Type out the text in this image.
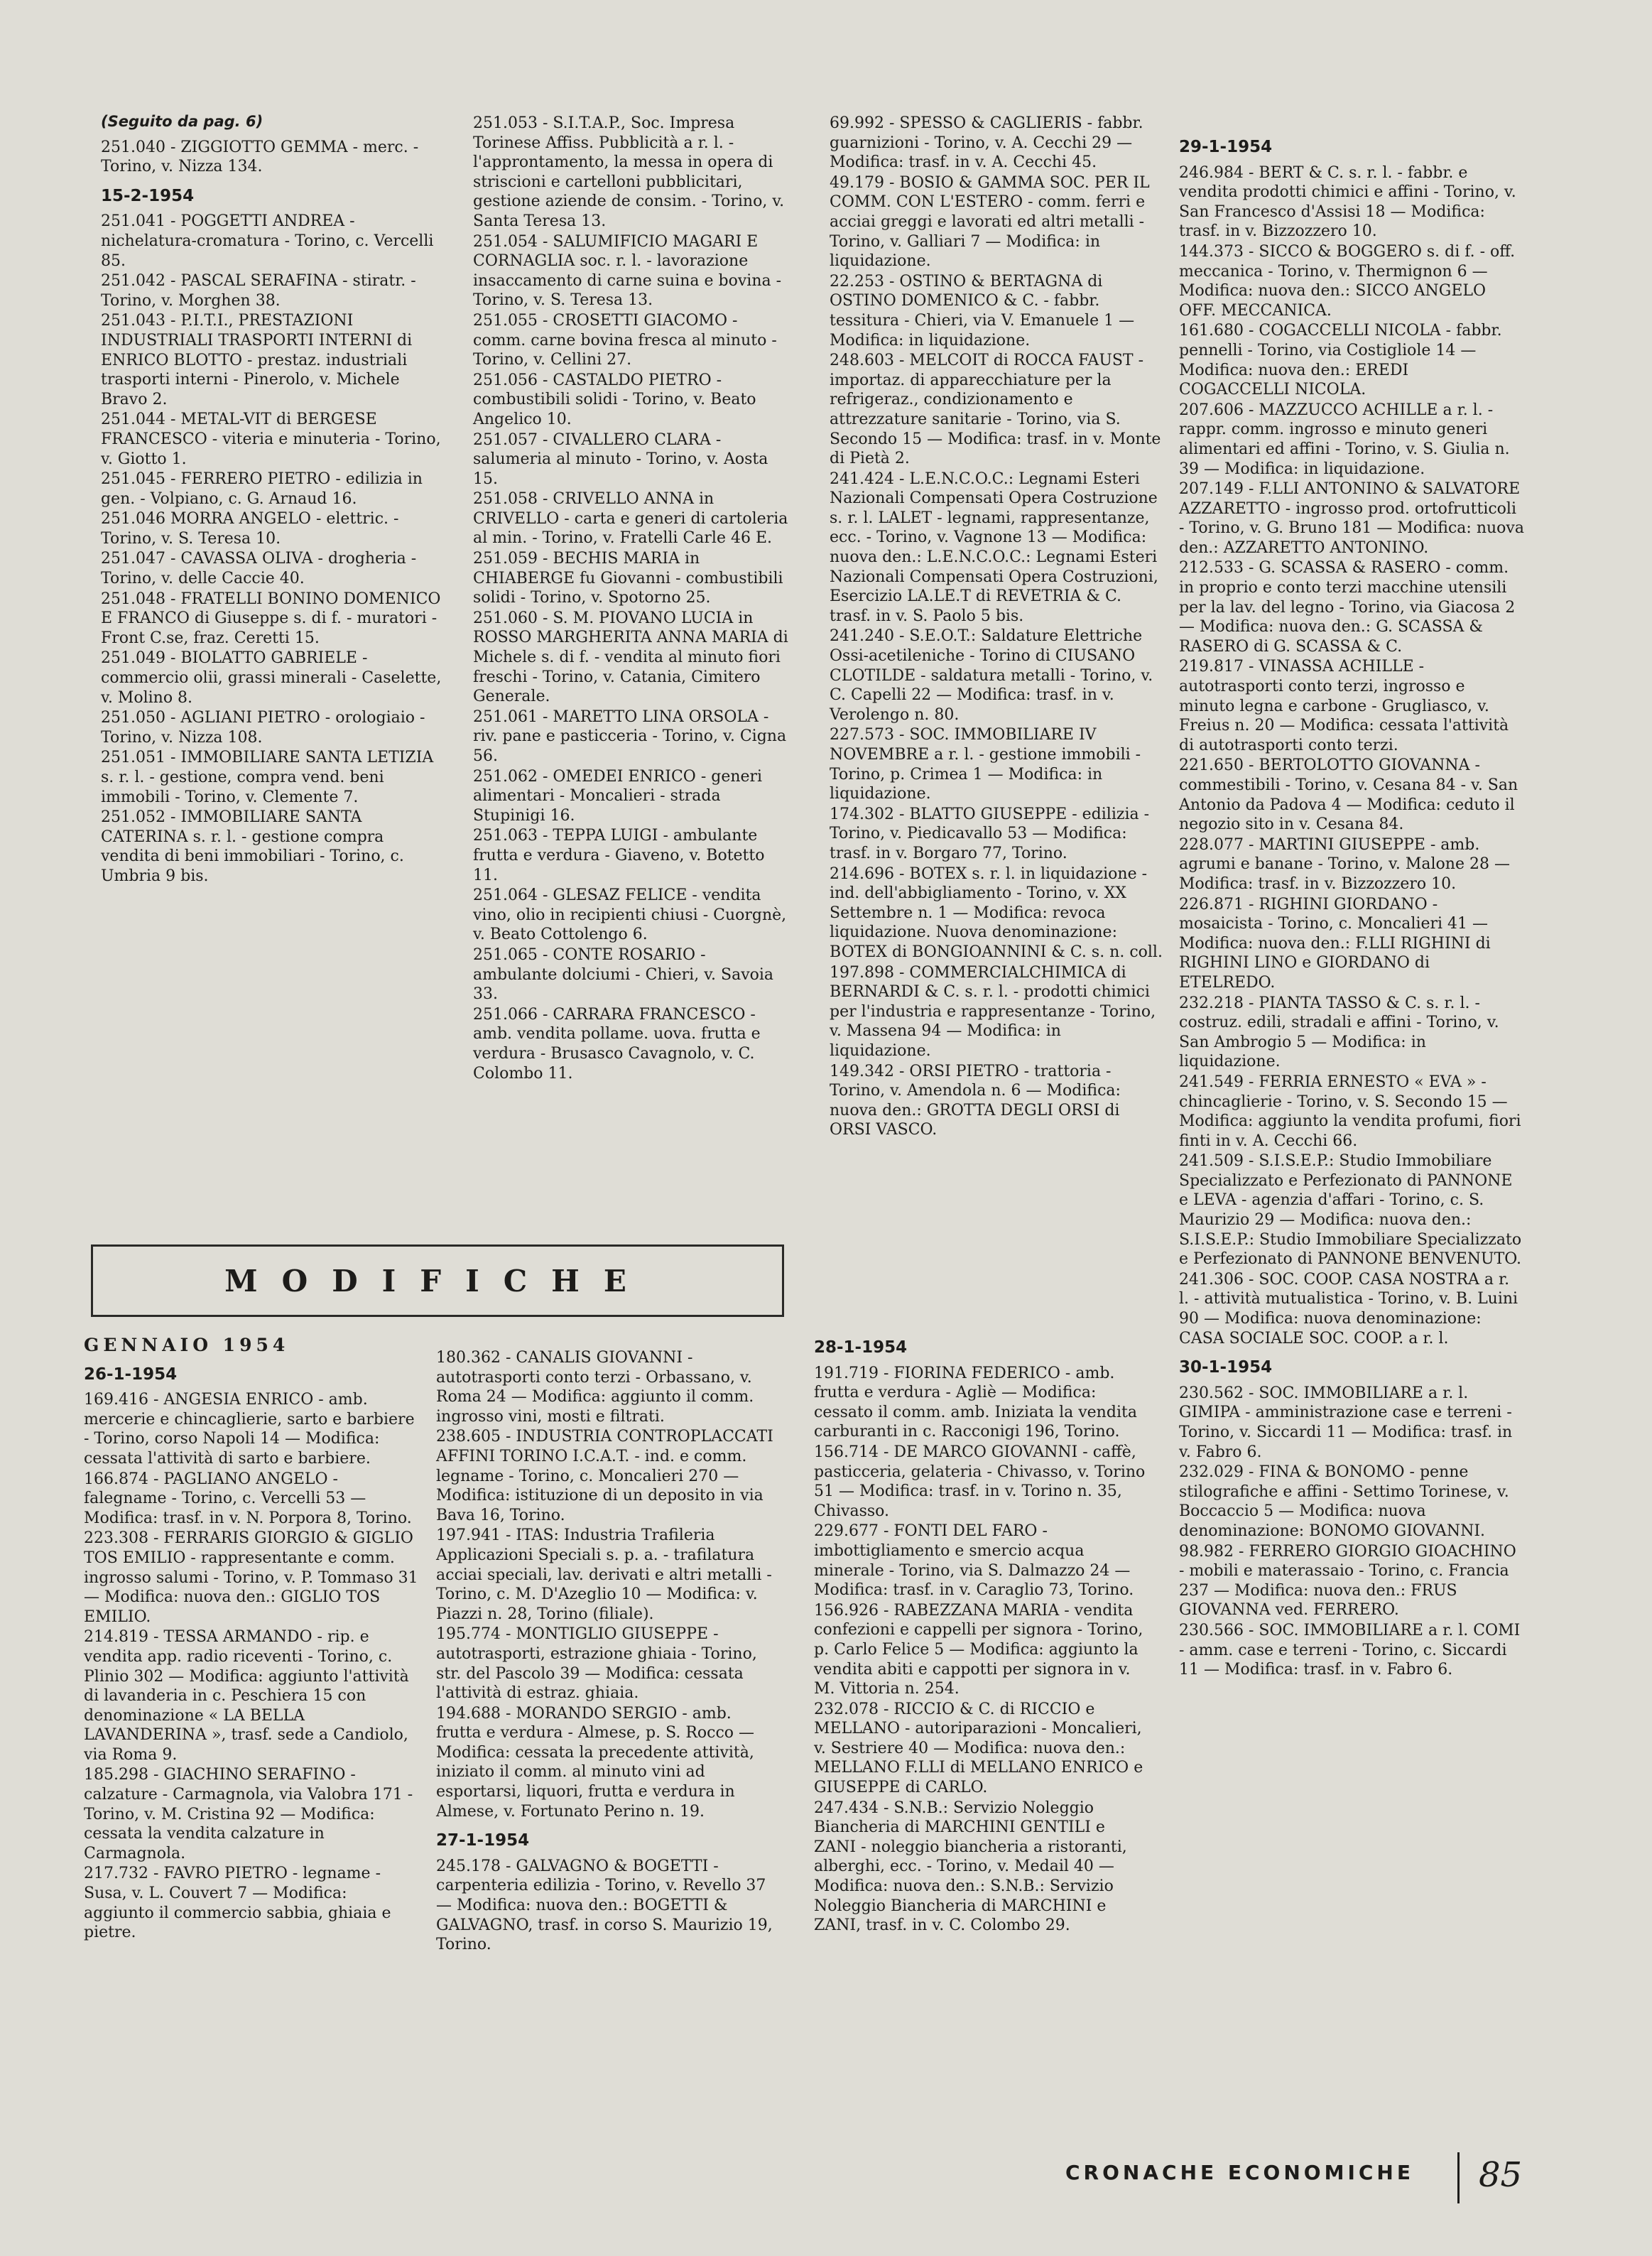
(Seguito da pag. 6)

251.040 - ZIGGIOTTO GEMMA - merc. - Torino, v. Nizza 134.

15-2-1954

251.041 - POGGETTI ANDREA - nichelatura-cromatura - Torino, c. Vercelli 85.

251.042 - PASCAL SERAFINA - stiratr. - Torino, v. Morghen 38.

251.043 - P.I.T.I., PRESTAZIONI INDUSTRIALI TRASPORTI INTERNI di ENRICO BLOTTO - prestaz. industriali trasporti interni - Pinerolo, v. Michele Bravo 2.

251.044 - METAL-VIT di BERGESE FRANCESCO - viteria e minuteria - Torino, v. Giotto 1.

251.045 - FERRERO PIETRO - edilizia in gen. - Volpiano, c. G. Arnaud 16.

251.046 MORRA ANGELO - elettric. - Torino, v. S. Teresa 10.

251.047 - CAVASSA OLIVA - drogheria - Torino, v. delle Caccie 40.

251.048 - FRATELLI BONINO DOMENICO E FRANCO di Giuseppe s. di f. - muratori - Front C.se, fraz. Ceretti 15.

251.049 - BIOLATTO GABRIELE - commercio olii, grassi minerali - Caselette, v. Molino 8.

251.050 - AGLIANI PIETRO - orologiaio - Torino, v. Nizza 108.

251.051 - IMMOBILIARE SANTA LETIZIA s. r. l. - gestione, compra vend. beni immobili - Torino, v. Clemente 7.

251.052 - IMMOBILIARE SANTA CATERINA s. r. l. - gestione compra vendita di beni immobiliari - Torino, c. Umbria 9 bis.

251.053 - S.I.T.A.P., Soc. Impresa Torinese Affiss. Pubblicità a r. l. - l'approntamento, la messa in opera di striscioni e cartelloni pubblicitari, gestione aziende de consim. - Torino, v. Santa Teresa 13.

251.054 - SALUMIFICIO MAGARI E CORNAGLIA soc. r. l. - lavorazione insaccamento di carne suina e bovina - Torino, v. S. Teresa 13.

251.055 - CROSETTI GIACOMO - comm. carne bovina fresca al minuto - Torino, v. Cellini 27.

251.056 - CASTALDO PIETRO - combustibili solidi - Torino, v. Beato Angelico 10.

251.057 - CIVALLERO CLARA - salumeria al minuto - Torino, v. Aosta 15.

251.058 - CRIVELLO ANNA in CRIVELLO - carta e generi di cartoleria al min. - Torino, v. Fratelli Carle 46 E.

251.059 - BECHIS MARIA in CHIABERGE fu Giovanni - combustibili solidi - Torino, v. Spotorno 25.

251.060 - S. M. PIOVANO LUCIA in ROSSO MARGHERITA ANNA MARIA di Michele s. di f. - vendita al minuto fiori freschi - Torino, v. Catania, Cimitero Generale.

251.061 - MARETTO LINA ORSOLA - riv. pane e pasticceria - Torino, v. Cigna 56.

251.062 - OMEDEI ENRICO - generi alimentari - Moncalieri - strada Stupinigi 16.

251.063 - TEPPA LUIGI - ambulante frutta e verdura - Giaveno, v. Botetto 11.

251.064 - GLESAZ FELICE - vendita vino, olio in recipienti chiusi - Cuorgnè, v. Beato Cottolengo 6.

251.065 - CONTE ROSARIO - ambulante dolciumi - Chieri, v. Savoia 33.

251.066 - CARRARA FRANCESCO - amb. vendita pollame. uova. frutta e verdura - Brusasco Cavagnolo, v. C. Colombo 11.

69.992 - SPESSO & CAGLIERIS - fabbr. guarnizioni - Torino, v. A. Cecchi 29 — Modifica: trasf. in v. A. Cecchi 45.

49.179 - BOSIO & GAMMA SOC. PER IL COMM. CON L'ESTERO - comm. ferri e acciai greggi e lavorati ed altri metalli - Torino, v. Galliari 7 — Modifica: in liquidazione.

22.253 - OSTINO & BERTAGNA di OSTINO DOMENICO & C. - fabbr. tessitura - Chieri, via V. Emanuele 1 — Modifica: in liquidazione.

248.603 - MELCOIT di ROCCA FAUST - importaz. di apparecchiature per la refrigeraz., condizionamento e attrezzature sanitarie - Torino, via S. Secondo 15 — Modifica: trasf. in v. Monte di Pietà 2.

241.424 - L.E.N.C.O.C.: Legnami Esteri Nazionali Compensati Opera Costruzione s. r. l. LALET - legnami, rappresentanze, ecc. - Torino, v. Vagnone 13 — Modifica: nuova den.: L.E.N.C.O.C.: Legnami Esteri Nazionali Compensati Opera Costruzioni, Esercizio LA.LE.T di REVETRIA & C. trasf. in v. S. Paolo 5 bis.

241.240 - S.E.O.T.: Saldature Elettriche Ossi-acetileniche - Torino di CIUSANO CLOTILDE - saldatura metalli - Torino, v. C. Capelli 22 — Modifica: trasf. in v. Verolengo n. 80.

227.573 - SOC. IMMOBILIARE IV NOVEMBRE a r. l. - gestione immobili - Torino, p. Crimea 1 — Modifica: in liquidazione.

174.302 - BLATTO GIUSEPPE - edilizia - Torino, v. Piedicavallo 53 — Modifica: trasf. in v. Borgaro 77, Torino.

214.696 - BOTEX s. r. l. in liquidazione - ind. dell'abbigliamento - Torino, v. XX Settembre n. 1 — Modifica: revoca liquidazione. Nuova denominazione: BOTEX di BONGIOANNINI & C. s. n. coll.

197.898 - COMMERCIALCHIMICA di BERNARDI & C. s. r. l. - prodotti chimici per l'industria e rappresentanze - Torino, v. Massena 94 — Modifica: in liquidazione.

149.342 - ORSI PIETRO - trattoria - Torino, v. Amendola n. 6 — Modifica: nuova den.: GROTTA DEGLI ORSI di ORSI VASCO.

29-1-1954

246.984 - BERT & C. s. r. l. - fabbr. e vendita prodotti chimici e affini - Torino, v. San Francesco d'Assisi 18 — Modifica: trasf. in v. Bizzozzero 10.

144.373 - SICCO & BOGGERO s. di f. - off. meccanica - Torino, v. Thermignon 6 — Modifica: nuova den.: SICCO ANGELO OFF. MECCANICA.

161.680 - COGACCELLI NICOLA - fabbr. pennelli - Torino, via Costigliole 14 — Modifica: nuova den.: EREDI COGACCELLI NICOLA.

207.606 - MAZZUCCO ACHILLE a r. l. - rappr. comm. ingrosso e minuto generi alimentari ed affini - Torino, v. S. Giulia n. 39 — Modifica: in liquidazione.

207.149 - F.LLI ANTONINO & SALVATORE AZZARETTO - ingrosso prod. ortofrutticoli - Torino, v. G. Bruno 181 — Modifica: nuova den.: AZZARETTO ANTONINO.

212.533 - G. SCASSA & RASERO - comm. in proprio e conto terzi macchine utensili per la lav. del legno - Torino, via Giacosa 2 — Modifica: nuova den.: G. SCASSA & RASERO di G. SCASSA & C.

219.817 - VINASSA ACHILLE - autotrasporti conto terzi, ingrosso e minuto legna e carbone - Grugliasco, v. Freius n. 20 — Modifica: cessata l'attività di autotrasporti conto terzi.

221.650 - BERTOLOTTO GIOVANNA - commestibili - Torino, v. Cesana 84 - v. San Antonio da Padova 4 — Modifica: ceduto il negozio sito in v. Cesana 84.

228.077 - MARTINI GIUSEPPE - amb. agrumi e banane - Torino, v. Malone 28 — Modifica: trasf. in v. Bizzozzero 10.

226.871 - RIGHINI GIORDANO - mosaicista - Torino, c. Moncalieri 41 — Modifica: nuova den.: F.LLI RIGHINI di RIGHINI LINO e GIORDANO di ETELREDO.

232.218 - PIANTA TASSO & C. s. r. l. - costruz. edili, stradali e affini - Torino, v. San Ambrogio 5 — Modifica: in liquidazione.

241.549 - FERRIA ERNESTO « EVA » - chincaglierie - Torino, v. S. Secondo 15 — Modifica: aggiunto la vendita profumi, fiori finti in v. A. Cecchi 66.

241.509 - S.I.S.E.P.: Studio Immobiliare Specializzato e Perfezionato di PANNONE e LEVA - agenzia d'affari - Torino, c. S. Maurizio 29 — Modifica: nuova den.: S.I.S.E.P.: Studio Immobiliare Specializzato e Perfezionato di PANNONE BENVENUTO.

241.306 - SOC. COOP. CASA NOSTRA a r. l. - attività mutualistica - Torino, v. B. Luini 90 — Modifica: nuova denominazione: CASA SOCIALE SOC. COOP. a r. l.

30-1-1954

230.562 - SOC. IMMOBILIARE a r. l. GIMIPA - amministrazione case e terreni - Torino, v. Siccardi 11 — Modifica: trasf. in v. Fabro 6.

232.029 - FINA & BONOMO - penne stilografiche e affini - Settimo Torinese, v. Boccaccio 5 — Modifica: nuova denominazione: BONOMO GIOVANNI.

98.982 - FERRERO GIORGIO GIOACHINO - mobili e materassaio - Torino, c. Francia 237 — Modifica: nuova den.: FRUS GIOVANNA ved. FERRERO.

230.566 - SOC. IMMOBILIARE a r. l. COMI - amm. case e terreni - Torino, c. Siccardi 11 — Modifica: trasf. in v. Fabro 6.

MODIFICHE

GENNAIO 1954

26-1-1954

169.416 - ANGESIA ENRICO - amb. mercerie e chincaglierie, sarto e barbiere - Torino, corso Napoli 14 — Modifica: cessata l'attività di sarto e barbiere.

166.874 - PAGLIANO ANGELO - falegname - Torino, c. Vercelli 53 — Modifica: trasf. in v. N. Porpora 8, Torino.

223.308 - FERRARIS GIORGIO & GIGLIO TOS EMILIO - rappresentante e comm. ingrosso salumi - Torino, v. P. Tommaso 31 — Modifica: nuova den.: GIGLIO TOS EMILIO.

214.819 - TESSA ARMANDO - rip. e vendita app. radio riceventi - Torino, c. Plinio 302 — Modifica: aggiunto l'attività di lavanderia in c. Peschiera 15 con denominazione « LA BELLA LAVANDERINA », trasf. sede a Candiolo, via Roma 9.

185.298 - GIACHINO SERAFINO - calzature - Carmagnola, via Valobra 171 - Torino, v. M. Cristina 92 — Modifica: cessata la vendita calzature in Carmagnola.

217.732 - FAVRO PIETRO - legname - Susa, v. L. Couvert 7 — Modifica: aggiunto il commercio sabbia, ghiaia e pietre.

180.362 - CANALIS GIOVANNI - autotrasporti conto terzi - Orbassano, v. Roma 24 — Modifica: aggiunto il comm. ingrosso vini, mosti e filtrati.

238.605 - INDUSTRIA CONTROPLACCATI AFFINI TORINO I.C.A.T. - ind. e comm. legname - Torino, c. Moncalieri 270 — Modifica: istituzione di un deposito in via Bava 16, Torino.

197.941 - ITAS: Industria Trafileria Applicazioni Speciali s. p. a. - trafilatura acciai speciali, lav. derivati e altri metalli - Torino, c. M. D'Azeglio 10 — Modifica: v. Piazzi n. 28, Torino (filiale).

195.774 - MONTIGLIO GIUSEPPE - autotrasporti, estrazione ghiaia - Torino, str. del Pascolo 39 — Modifica: cessata l'attività di estraz. ghiaia.

194.688 - MORANDO SERGIO - amb. frutta e verdura - Almese, p. S. Rocco — Modifica: cessata la precedente attività, iniziato il comm. al minuto vini ad esportarsi, liquori, frutta e verdura in Almese, v. Fortunato Perino n. 19.

27-1-1954

245.178 - GALVAGNO & BOGETTI - carpenteria edilizia - Torino, v. Revello 37 — Modifica: nuova den.: BOGETTI & GALVAGNO, trasf. in corso S. Maurizio 19, Torino.

28-1-1954

191.719 - FIORINA FEDERICO - amb. frutta e verdura - Agliè — Modifica: cessato il comm. amb. Iniziata la vendita carburanti in c. Racconigi 196, Torino.

156.714 - DE MARCO GIOVANNI - caffè, pasticceria, gelateria - Chivasso, v. Torino 51 — Modifica: trasf. in v. Torino n. 35, Chivasso.

229.677 - FONTI DEL FARO - imbottigliamento e smercio acqua minerale - Torino, via S. Dalmazzo 24 — Modifica: trasf. in v. Caraglio 73, Torino.

156.926 - RABEZZANA MARIA - vendita confezioni e cappelli per signora - Torino, p. Carlo Felice 5 — Modifica: aggiunto la vendita abiti e cappotti per signora in v. M. Vittoria n. 254.

232.078 - RICCIO & C. di RICCIO e MELLANO - autoriparazioni - Moncalieri, v. Sestriere 40 — Modifica: nuova den.: MELLANO F.LLI di MELLANO ENRICO e GIUSEPPE di CARLO.

247.434 - S.N.B.: Servizio Noleggio Biancheria di MARCHINI GENTILI e ZANI - noleggio biancheria a ristoranti, alberghi, ecc. - Torino, v. Medail 40 — Modifica: nuova den.: S.N.B.: Servizio Noleggio Biancheria di MARCHINI e ZANI, trasf. in v. C. Colombo 29.

CRONACHE ECONOMICHE 85
